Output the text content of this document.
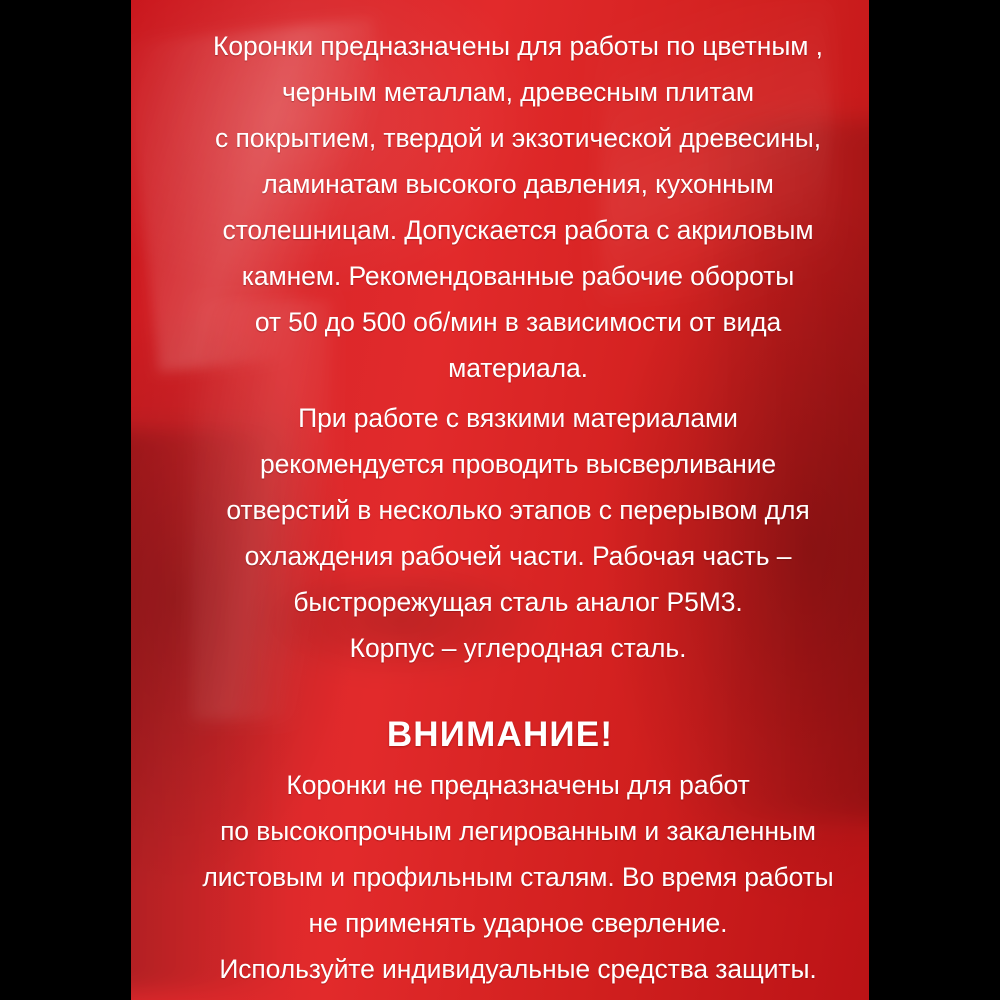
Коронки предназначены для работы по цветным ,
черным металлам, древесным плитам
с покрытием, твердой и экзотической древесины,
ламинатам высокого давления, кухонным
столешницам. Допускается работа с акриловым
камнем. Рекомендованные рабочие обороты
от 50 до 500 об/мин в зависимости от вида
материала.
При работе с вязкими материалами
рекомендуется проводить высверливание
отверстий в несколько этапов с перерывом для
охлаждения рабочей части. Рабочая часть –
быстрорежущая сталь аналог Р5М3.
Корпус – углеродная сталь.
ВНИМАНИЕ!
Коронки не предназначены для работ
по высокопрочным легированным и закаленным
листовым и профильным сталям. Во время работы
не применять ударное сверление.
Используйте индивидуальные средства защиты.
